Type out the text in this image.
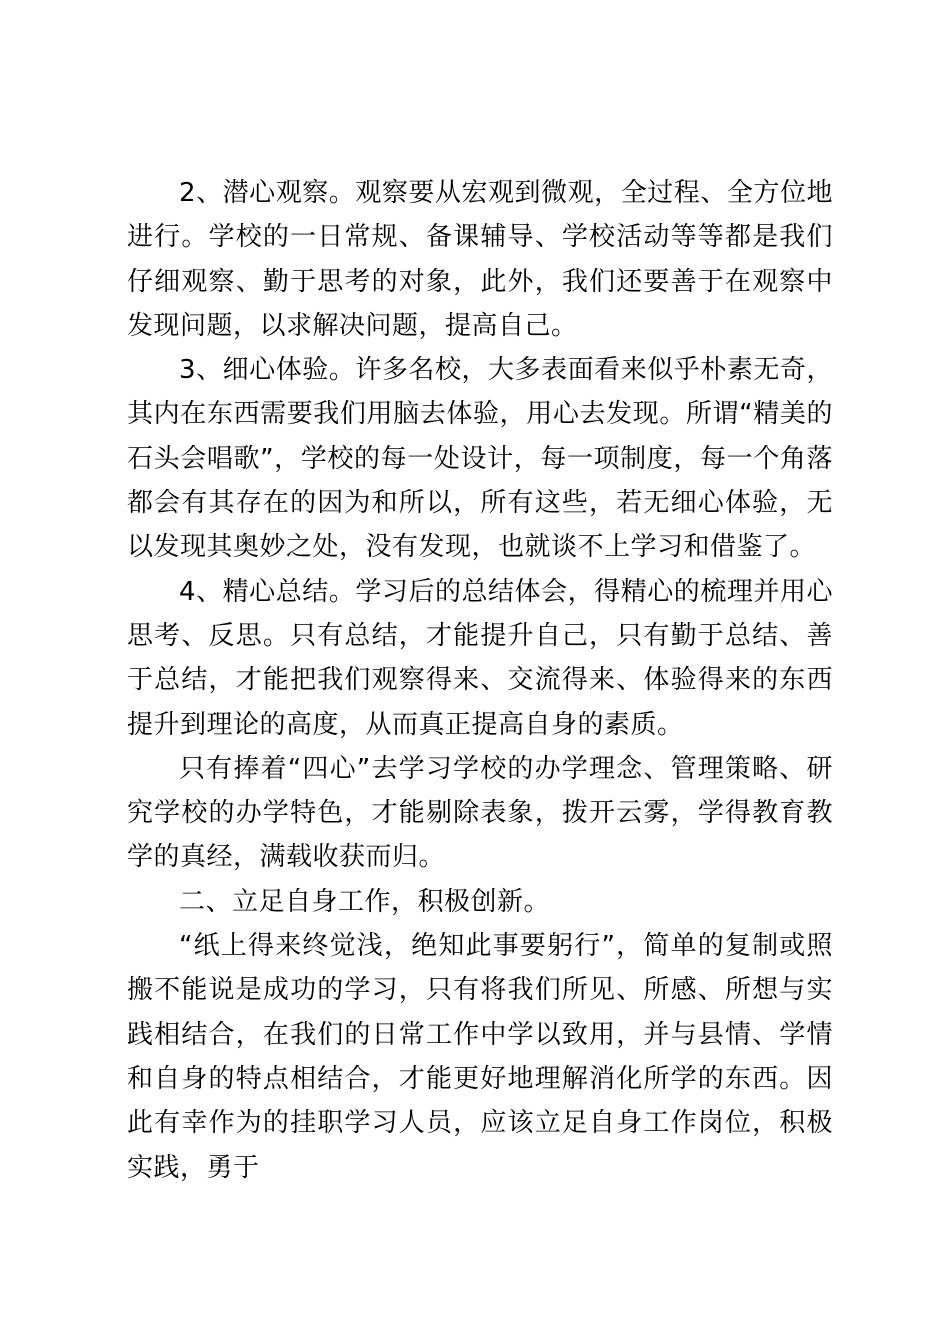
2、潜心观察。观察要从宏观到微观，全过程、全方位地进行。学校的一日常规、备课辅导、学校活动等等都是我们仔细观察、勤于思考的对象，此外，我们还要善于在观察中发现问题，以求解决问题，提高自己。

3、细心体验。许多名校，大多表面看来似乎朴素无奇，其内在东西需要我们用脑去体验，用心去发现。所谓“精美的石头会唱歌”，学校的每一处设计，每一项制度，每一个角落都会有其存在的因为和所以，所有这些，若无细心体验，无以发现其奥妙之处，没有发现，也就谈不上学习和借鉴了。

4、精心总结。学习后的总结体会，得精心的梳理并用心思考、反思。只有总结，才能提升自己，只有勤于总结、善于总结，才能把我们观察得来、交流得来、体验得来的东西提升到理论的高度，从而真正提高自身的素质。

只有捧着“四心”去学习学校的办学理念、管理策略、研究学校的办学特色，才能剔除表象，拨开云雾，学得教育教学的真经，满载收获而归。

二、立足自身工作，积极创新。

“纸上得来终觉浅，绝知此事要躬行”，简单的复制或照搬不能说是成功的学习，只有将我们所见、所感、所想与实践相结合，在我们的日常工作中学以致用，并与县情、学情和自身的特点相结合，才能更好地理解消化所学的东西。因此有幸作为的挂职学习人员，应该立足自身工作岗位，积极实践，勇于
